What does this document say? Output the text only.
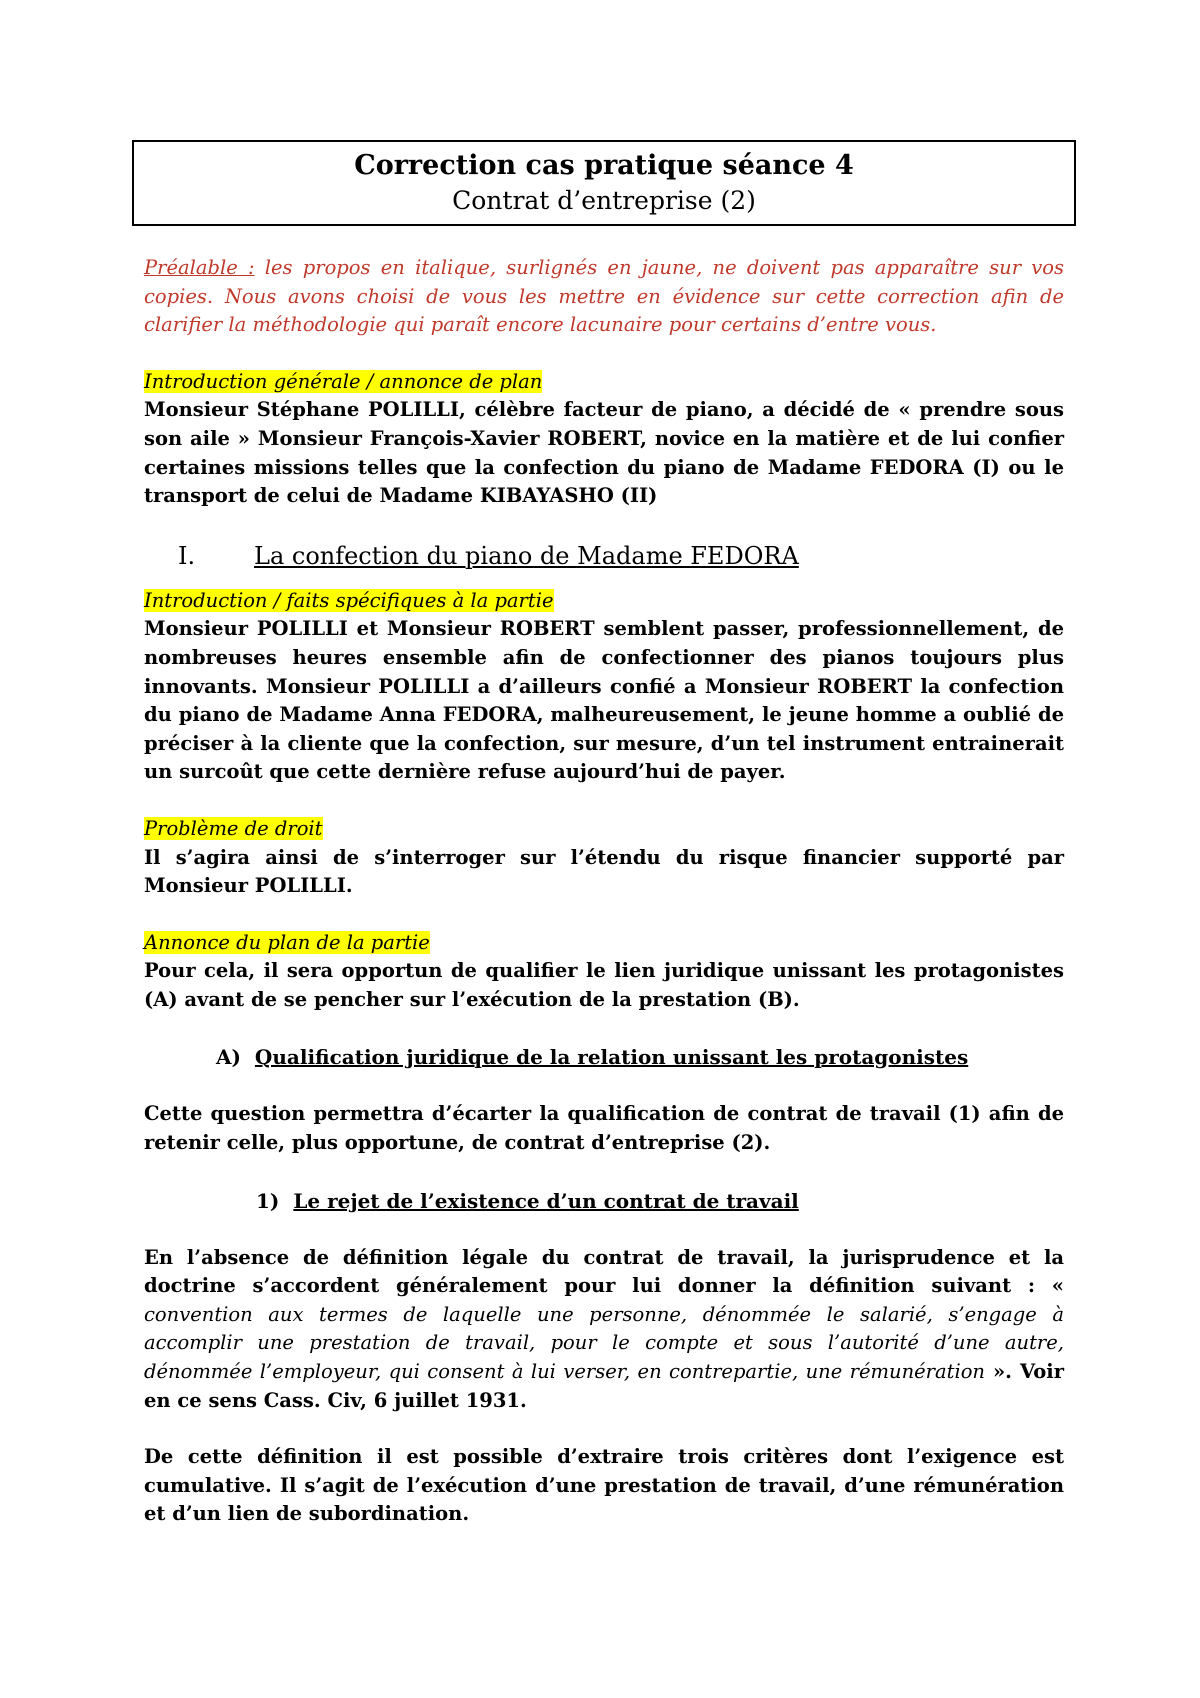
Correction cas pratique séance 4
Contrat d’entreprise (2)

Préalable : les propos en italique, surlignés en jaune, ne doivent pas apparaître sur vos copies. Nous avons choisi de vous les mettre en évidence sur cette correction afin de clarifier la méthodologie qui paraît encore lacunaire pour certains d’entre vous.

Introduction générale / annonce de plan

Monsieur Stéphane POLILLI, célèbre facteur de piano, a décidé de « prendre sous son aile » Monsieur François-Xavier ROBERT, novice en la matière et de lui confier certaines missions telles que la confection du piano de Madame FEDORA (I) ou le transport de celui de Madame KIBAYASHO (II)

I.	La confection du piano de Madame FEDORA
Introduction / faits spécifiques à la partie

Monsieur POLILLI et Monsieur ROBERT semblent passer, professionnellement, de nombreuses heures ensemble afin de confectionner des pianos toujours plus innovants. Monsieur POLILLI a d’ailleurs confié a Monsieur ROBERT la confection du piano de Madame Anna FEDORA, malheureusement, le jeune homme a oublié de préciser à la cliente que la confection, sur mesure, d’un tel instrument entrainerait un surcoût que cette dernière refuse aujourd’hui de payer.

Problème de droit

Il s’agira ainsi de s’interroger sur l’étendu du risque financier supporté par Monsieur POLILLI.

Annonce du plan de la partie

Pour cela, il sera opportun de qualifier le lien juridique unissant les protagonistes (A) avant de se pencher sur l’exécution de la prestation (B).

A) Qualification juridique de la relation unissant les protagonistes

Cette question permettra d’écarter la qualification de contrat de travail (1) afin de retenir celle, plus opportune, de contrat d’entreprise (2).

1) Le rejet de l’existence d’un contrat de travail

En l’absence de définition légale du contrat de travail, la jurisprudence et la doctrine s’accordent généralement pour lui donner la définition suivant : « convention aux termes de laquelle une personne, dénommée le salarié, s’engage à accomplir une prestation de travail, pour le compte et sous l’autorité d’une autre, dénommée l’employeur, qui consent à lui verser, en contrepartie, une rémunération ». Voir en ce sens Cass. Civ, 6 juillet 1931.

De cette définition il est possible d’extraire trois critères dont l’exigence est cumulative. Il s’agit de l’exécution d’une prestation de travail, d’une rémunération et d’un lien de subordination.
